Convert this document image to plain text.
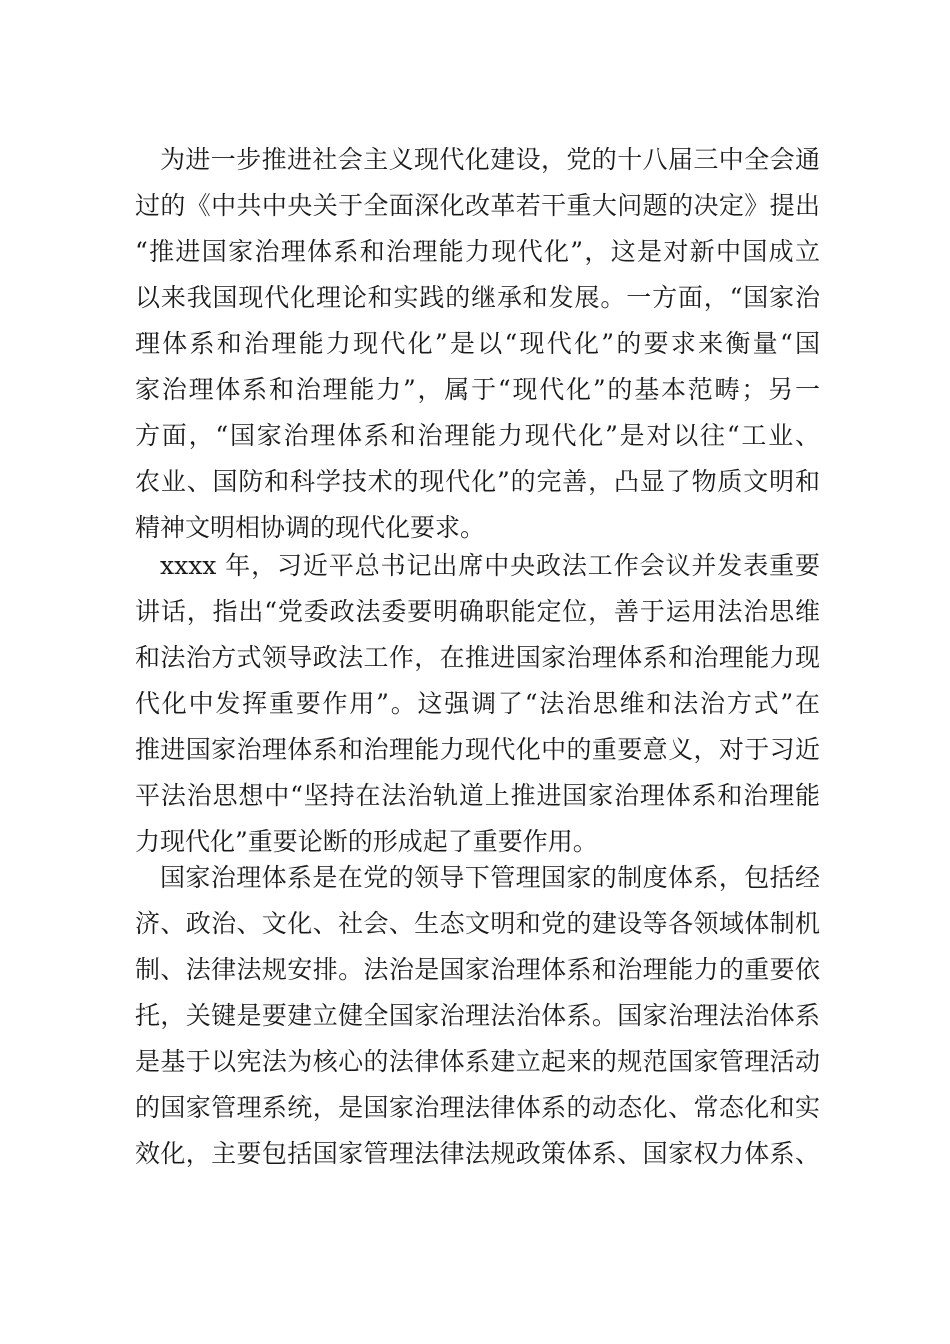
为进一步推进社会主义现代化建设，党的十八届三中全会通
过的《中共中央关于全面深化改革若干重大问题的决定》提出
“推进国家治理体系和治理能力现代化”，这是对新中国成立
以来我国现代化理论和实践的继承和发展。一方面，“国家治
理体系和治理能力现代化”是以“现代化”的要求来衡量“国
家治理体系和治理能力”，属于“现代化”的基本范畴；另一
方面，“国家治理体系和治理能力现代化”是对以往“工业、
农业、国防和科学技术的现代化”的完善，凸显了物质文明和
精神文明相协调的现代化要求。
xxxx 年，习近平总书记出席中央政法工作会议并发表重要
讲话，指出“党委政法委要明确职能定位，善于运用法治思维
和法治方式领导政法工作，在推进国家治理体系和治理能力现
代化中发挥重要作用”。这强调了“法治思维和法治方式”在
推进国家治理体系和治理能力现代化中的重要意义，对于习近
平法治思想中“坚持在法治轨道上推进国家治理体系和治理能
力现代化”重要论断的形成起了重要作用。
国家治理体系是在党的领导下管理国家的制度体系，包括经
济、政治、文化、社会、生态文明和党的建设等各领域体制机
制、法律法规安排。法治是国家治理体系和治理能力的重要依
托，关键是要建立健全国家治理法治体系。国家治理法治体系
是基于以宪法为核心的法律体系建立起来的规范国家管理活动
的国家管理系统，是国家治理法律体系的动态化、常态化和实
效化，主要包括国家管理法律法规政策体系、国家权力体系、
